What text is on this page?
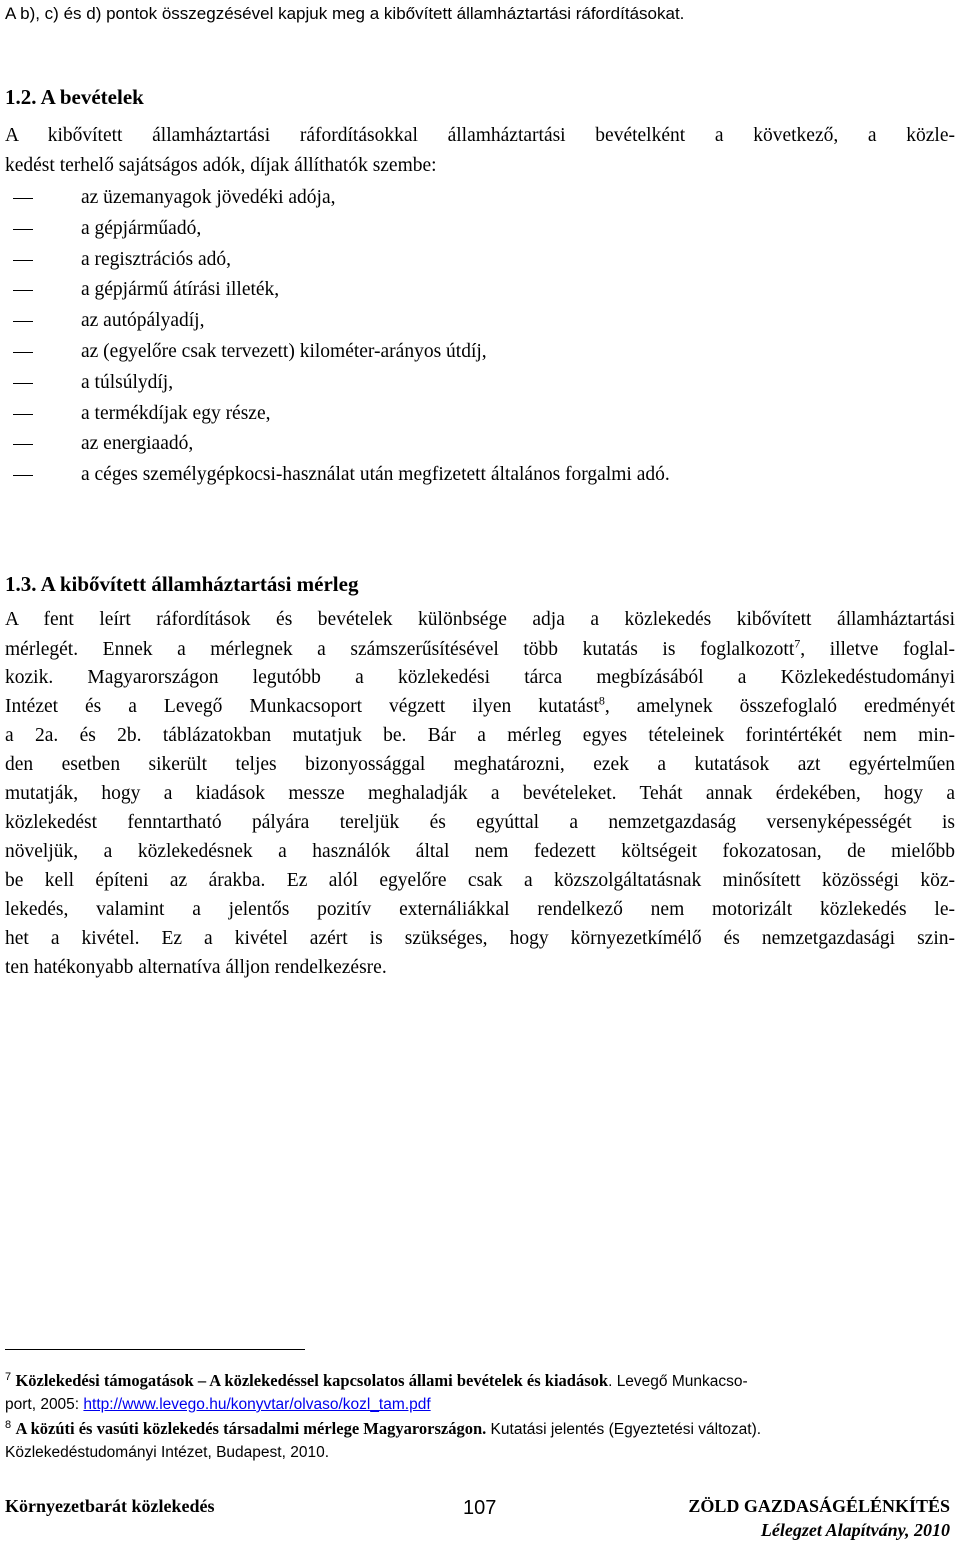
A b), c) és d) pontok összegzésével kapjuk meg a kibővített államháztartási ráfordításokat.
1.2. A bevételek
A kibővített államháztartási ráfordításokkal államháztartási bevételként a következő, a közle-
kedést terhelő sajátságos adók, díjak állíthatók szembe:
az üzemanyagok jövedéki adója,
a gépjárműadó,
a regisztrációs adó,
a gépjármű átírási illeték,
az autópályadíj,
az (egyelőre csak tervezett) kilométer-arányos útdíj,
a túlsúlydíj,
a termékdíjak egy része,
az energiaadó,
a céges személygépkocsi-használat után megfizetett általános forgalmi adó.
1.3. A kibővített államháztartási mérleg
A fent leírt ráfordítások és bevételek különbsége adja a közlekedés kibővített államháztartási
mérlegét. Ennek a mérlegnek a számszerűsítésével több kutatás is foglalkozott$^7$, illetve foglal-
kozik. Magyarországon legutóbb a közlekedési tárca megbízásából a Közlekedéstudományi
Intézet és a Levegő Munkacsoport végzett ilyen kutatást$^8$, amelynek összefoglaló eredményét
a 2a. és 2b. táblázatokban mutatjuk be. Bár a mérleg egyes tételeinek forintértékét nem min-
den esetben sikerült teljes bizonyossággal meghatározni, ezek a kutatások azt egyértelműen
mutatják, hogy a kiadások messze meghaladják a bevételeket. Tehát annak érdekében, hogy a
közlekedést fenntartható pályára tereljük és egyúttal a nemzetgazdaság versenyképességét is
növeljük, a közlekedésnek a használók által nem fedezett költségeit fokozatosan, de mielőbb
be kell építeni az árakba. Ez alól egyelőre csak a közszolgáltatásnak minősített közösségi köz-
lekedés, valamint a jelentős pozitív externáliákkal rendelkező nem motorizált közlekedés le-
het a kivétel. Ez a kivétel azért is szükséges, hogy környezetkímélő és nemzetgazdasági szin-
ten hatékonyabb alternatíva álljon rendelkezésre.
$^7$ Közlekedési támogatások – A közlekedéssel kapcsolatos állami bevételek és kiadások. Levegő Munkacso-
port, 2005: http://www.levego.hu/konyvtar/olvaso/kozl_tam.pdf
$^8$ A közúti és vasúti közlekedés társadalmi mérlege Magyarországon. Kutatási jelentés (Egyeztetési változat).
Közlekedéstudományi Intézet, Budapest, 2010.
Környezetbarát közlekedés	107	ZÖLD GAZDASÁGÉLÉNKÍTÉS
Lélegzet Alapítvány, 2010
